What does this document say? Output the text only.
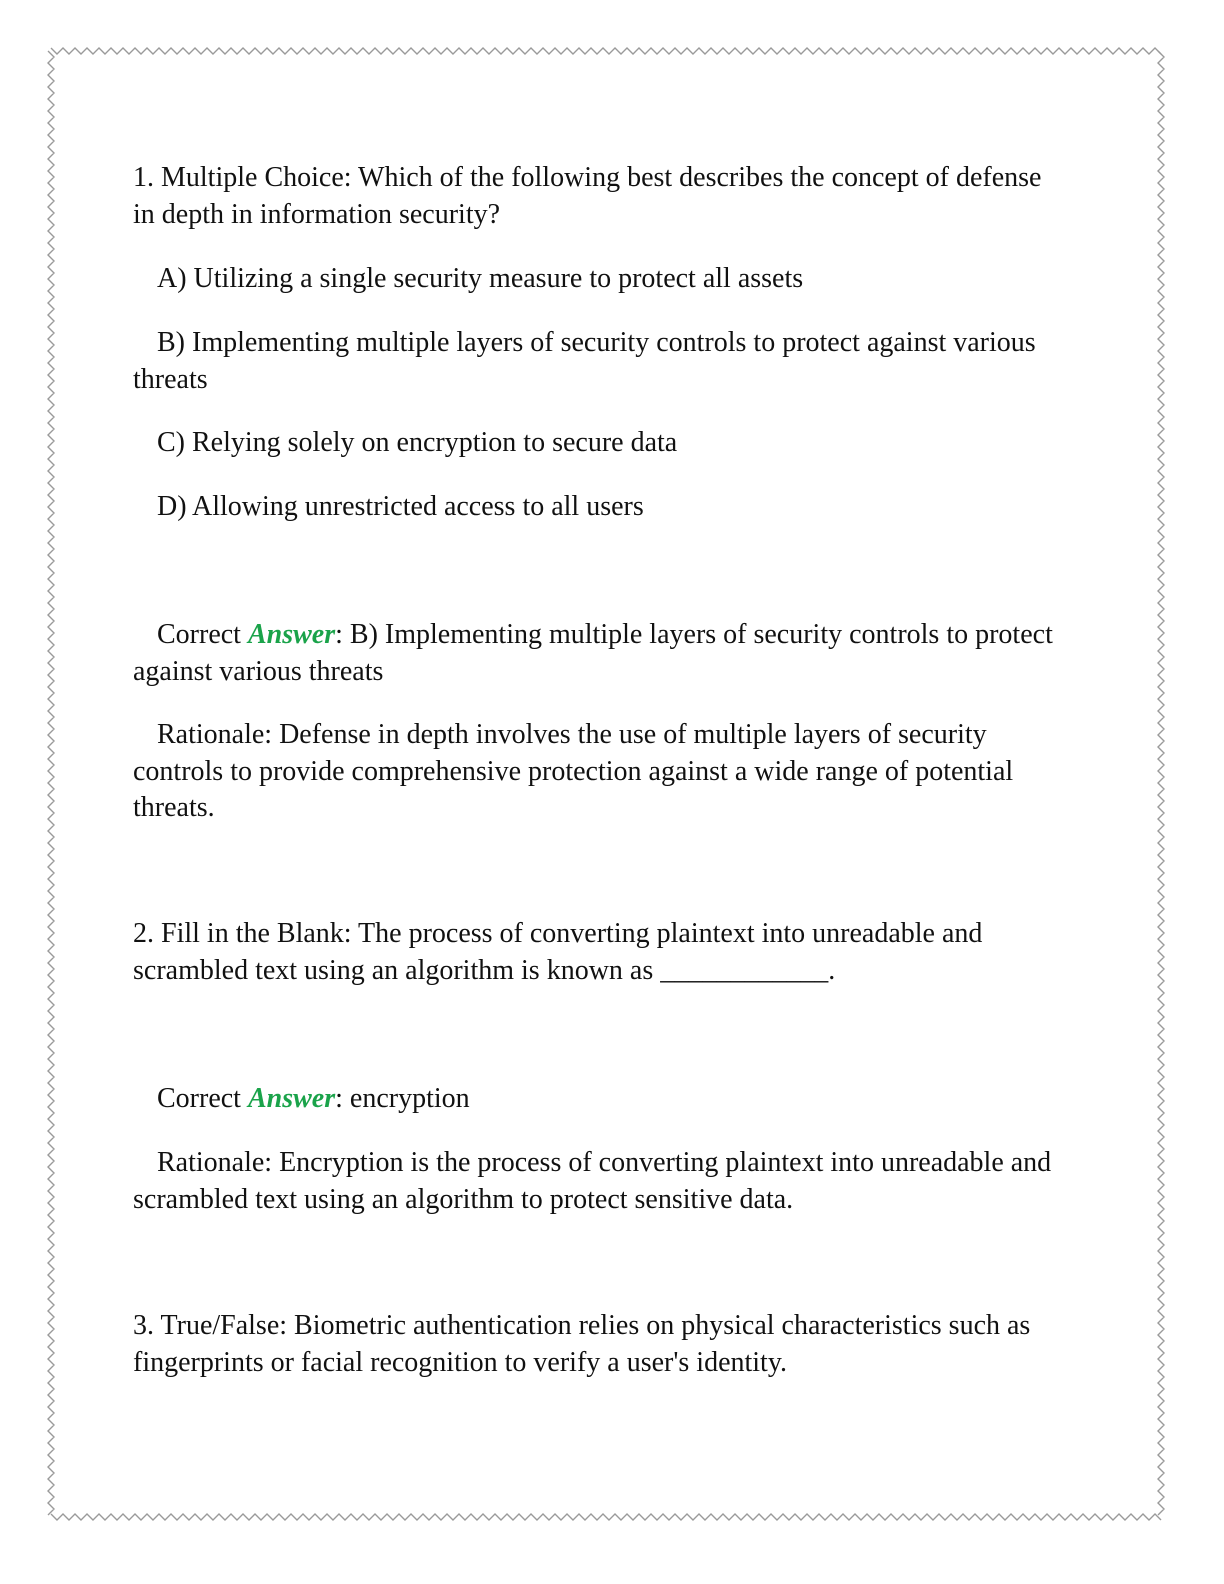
1. Multiple Choice: Which of the following best describes the concept of defense in depth in information security?

A) Utilizing a single security measure to protect all assets

B) Implementing multiple layers of security controls to protect against various threats

C) Relying solely on encryption to secure data

D) Allowing unrestricted access to all users

Correct Answer: B) Implementing multiple layers of security controls to protect against various threats

Rationale: Defense in depth involves the use of multiple layers of security controls to provide comprehensive protection against a wide range of potential threats.

2. Fill in the Blank: The process of converting plaintext into unreadable and scrambled text using an algorithm is known as ____________.

Correct Answer: encryption

Rationale: Encryption is the process of converting plaintext into unreadable and scrambled text using an algorithm to protect sensitive data.

3. True/False: Biometric authentication relies on physical characteristics such as fingerprints or facial recognition to verify a user's identity.
